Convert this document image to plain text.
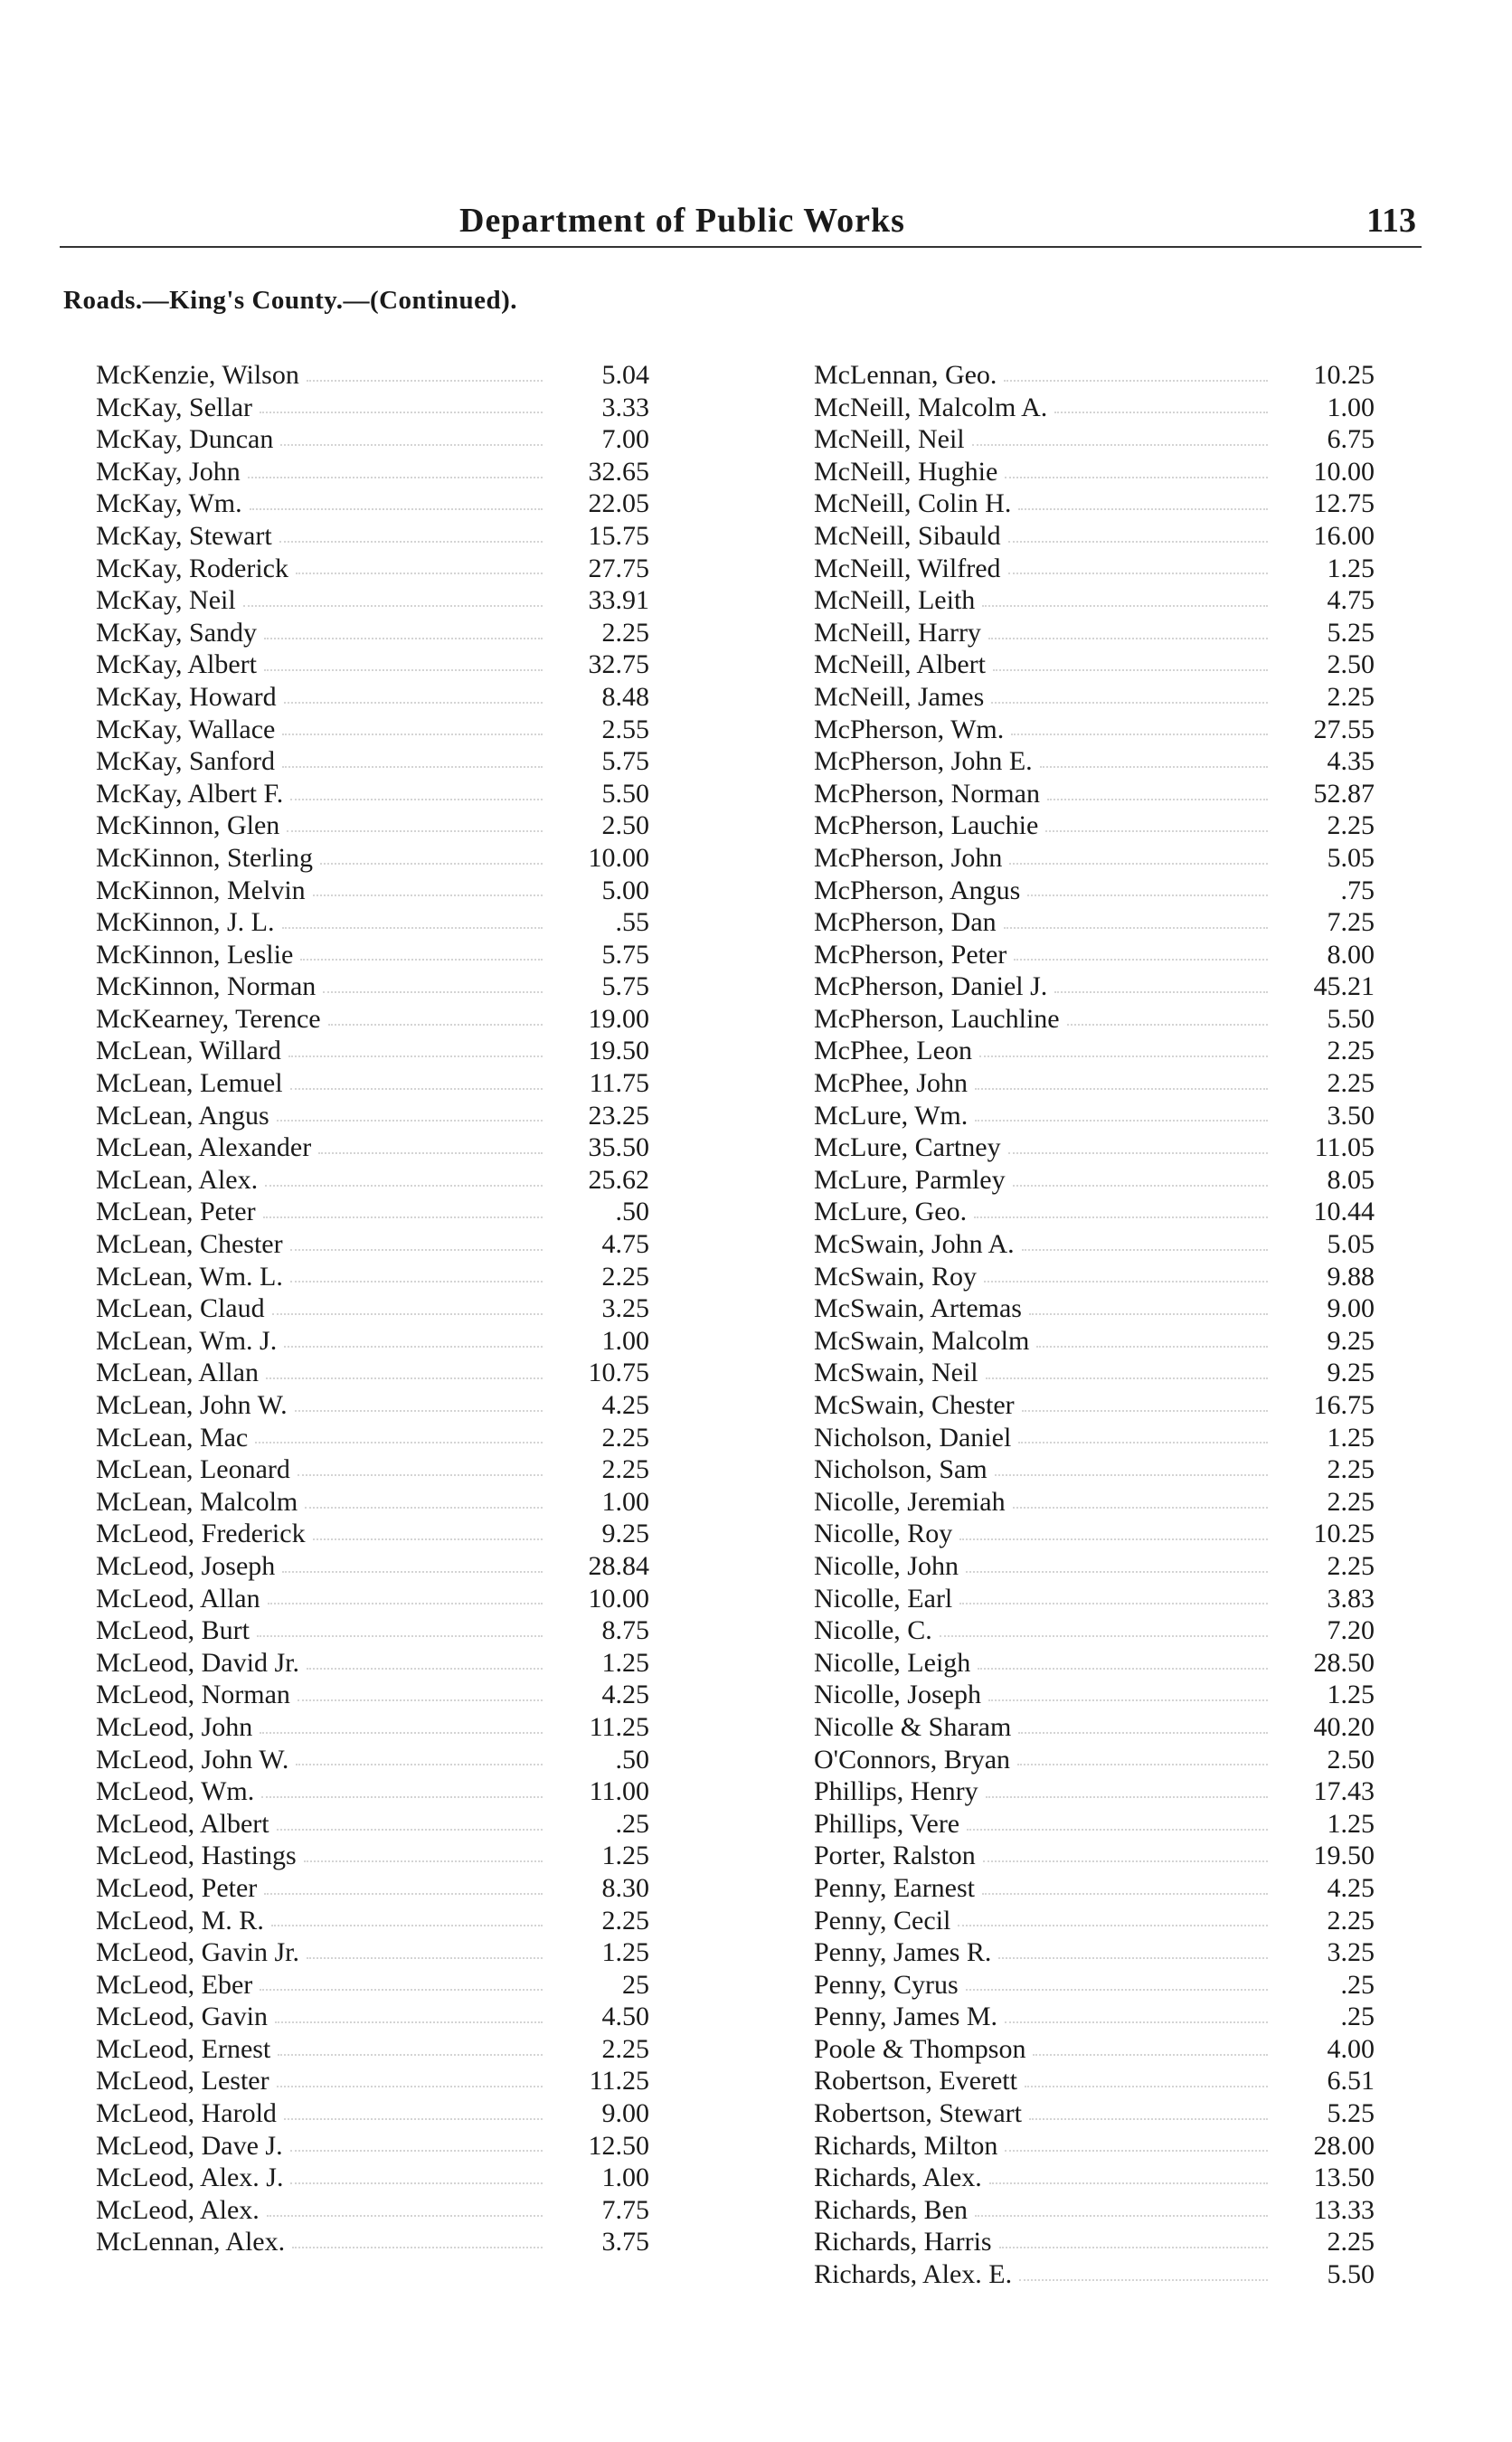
Department of Public Works	113
Roads.—King's County.—(Continued).
McKenzie, Wilson	5.04
McKay, Sellar	3.33
McKay, Duncan	7.00
McKay, John	32.65
McKay, Wm.	22.05
McKay, Stewart	15.75
McKay, Roderick	27.75
McKay, Neil	33.91
McKay, Sandy	2.25
McKay, Albert	32.75
McKay, Howard	8.48
McKay, Wallace	2.55
McKay, Sanford	5.75
McKay, Albert F.	5.50
McKinnon, Glen	2.50
McKinnon, Sterling	10.00
McKinnon, Melvin	5.00
McKinnon, J. L.	.55
McKinnon, Leslie	5.75
McKinnon, Norman	5.75
McKearney, Terence	19.00
McLean, Willard	19.50
McLean, Lemuel	11.75
McLean, Angus	23.25
McLean, Alexander	35.50
McLean, Alex.	25.62
McLean, Peter	.50
McLean, Chester	4.75
McLean, Wm. L.	2.25
McLean, Claud	3.25
McLean, Wm. J.	1.00
McLean, Allan	10.75
McLean, John W.	4.25
McLean, Mac	2.25
McLean, Leonard	2.25
McLean, Malcolm	1.00
McLeod, Frederick	9.25
McLeod, Joseph	28.84
McLeod, Allan	10.00
McLeod, Burt	8.75
McLeod, David Jr.	1.25
McLeod, Norman	4.25
McLeod, John	11.25
McLeod, John W.	.50
McLeod, Wm.	11.00
McLeod, Albert	.25
McLeod, Hastings	1.25
McLeod, Peter	8.30
McLeod, M. R.	2.25
McLeod, Gavin Jr.	1.25
McLeod, Eber	25
McLeod, Gavin	4.50
McLeod, Ernest	2.25
McLeod, Lester	11.25
McLeod, Harold	9.00
McLeod, Dave J.	12.50
McLeod, Alex. J.	1.00
McLeod, Alex.	7.75
McLennan, Alex.	3.75
McLennan, Geo.	10.25
McNeill, Malcolm A.	1.00
McNeill, Neil	6.75
McNeill, Hughie	10.00
McNeill, Colin H.	12.75
McNeill, Sibauld	16.00
McNeill, Wilfred	1.25
McNeill, Leith	4.75
McNeill, Harry	5.25
McNeill, Albert	2.50
McNeill, James	2.25
McPherson, Wm.	27.55
McPherson, John E.	4.35
McPherson, Norman	52.87
McPherson, Lauchie	2.25
McPherson, John	5.05
McPherson, Angus	.75
McPherson, Dan	7.25
McPherson, Peter	8.00
McPherson, Daniel J.	45.21
McPherson, Lauchline	5.50
McPhee, Leon	2.25
McPhee, John	2.25
McLure, Wm.	3.50
McLure, Cartney	11.05
McLure, Parmley	8.05
McLure, Geo.	10.44
McSwain, John A.	5.05
McSwain, Roy	9.88
McSwain, Artemas	9.00
McSwain, Malcolm	9.25
McSwain, Neil	9.25
McSwain, Chester	16.75
Nicholson, Daniel	1.25
Nicholson, Sam	2.25
Nicolle, Jeremiah	2.25
Nicolle, Roy	10.25
Nicolle, John	2.25
Nicolle, Earl	3.83
Nicolle, C.	7.20
Nicolle, Leigh	28.50
Nicolle, Joseph	1.25
Nicolle & Sharam	40.20
O'Connors, Bryan	2.50
Phillips, Henry	17.43
Phillips, Vere	1.25
Porter, Ralston	19.50
Penny, Earnest	4.25
Penny, Cecil	2.25
Penny, James R.	3.25
Penny, Cyrus	.25
Penny, James M.	.25
Poole & Thompson	4.00
Robertson, Everett	6.51
Robertson, Stewart	5.25
Richards, Milton	28.00
Richards, Alex.	13.50
Richards, Ben	13.33
Richards, Harris	2.25
Richards, Alex. E.	5.50
